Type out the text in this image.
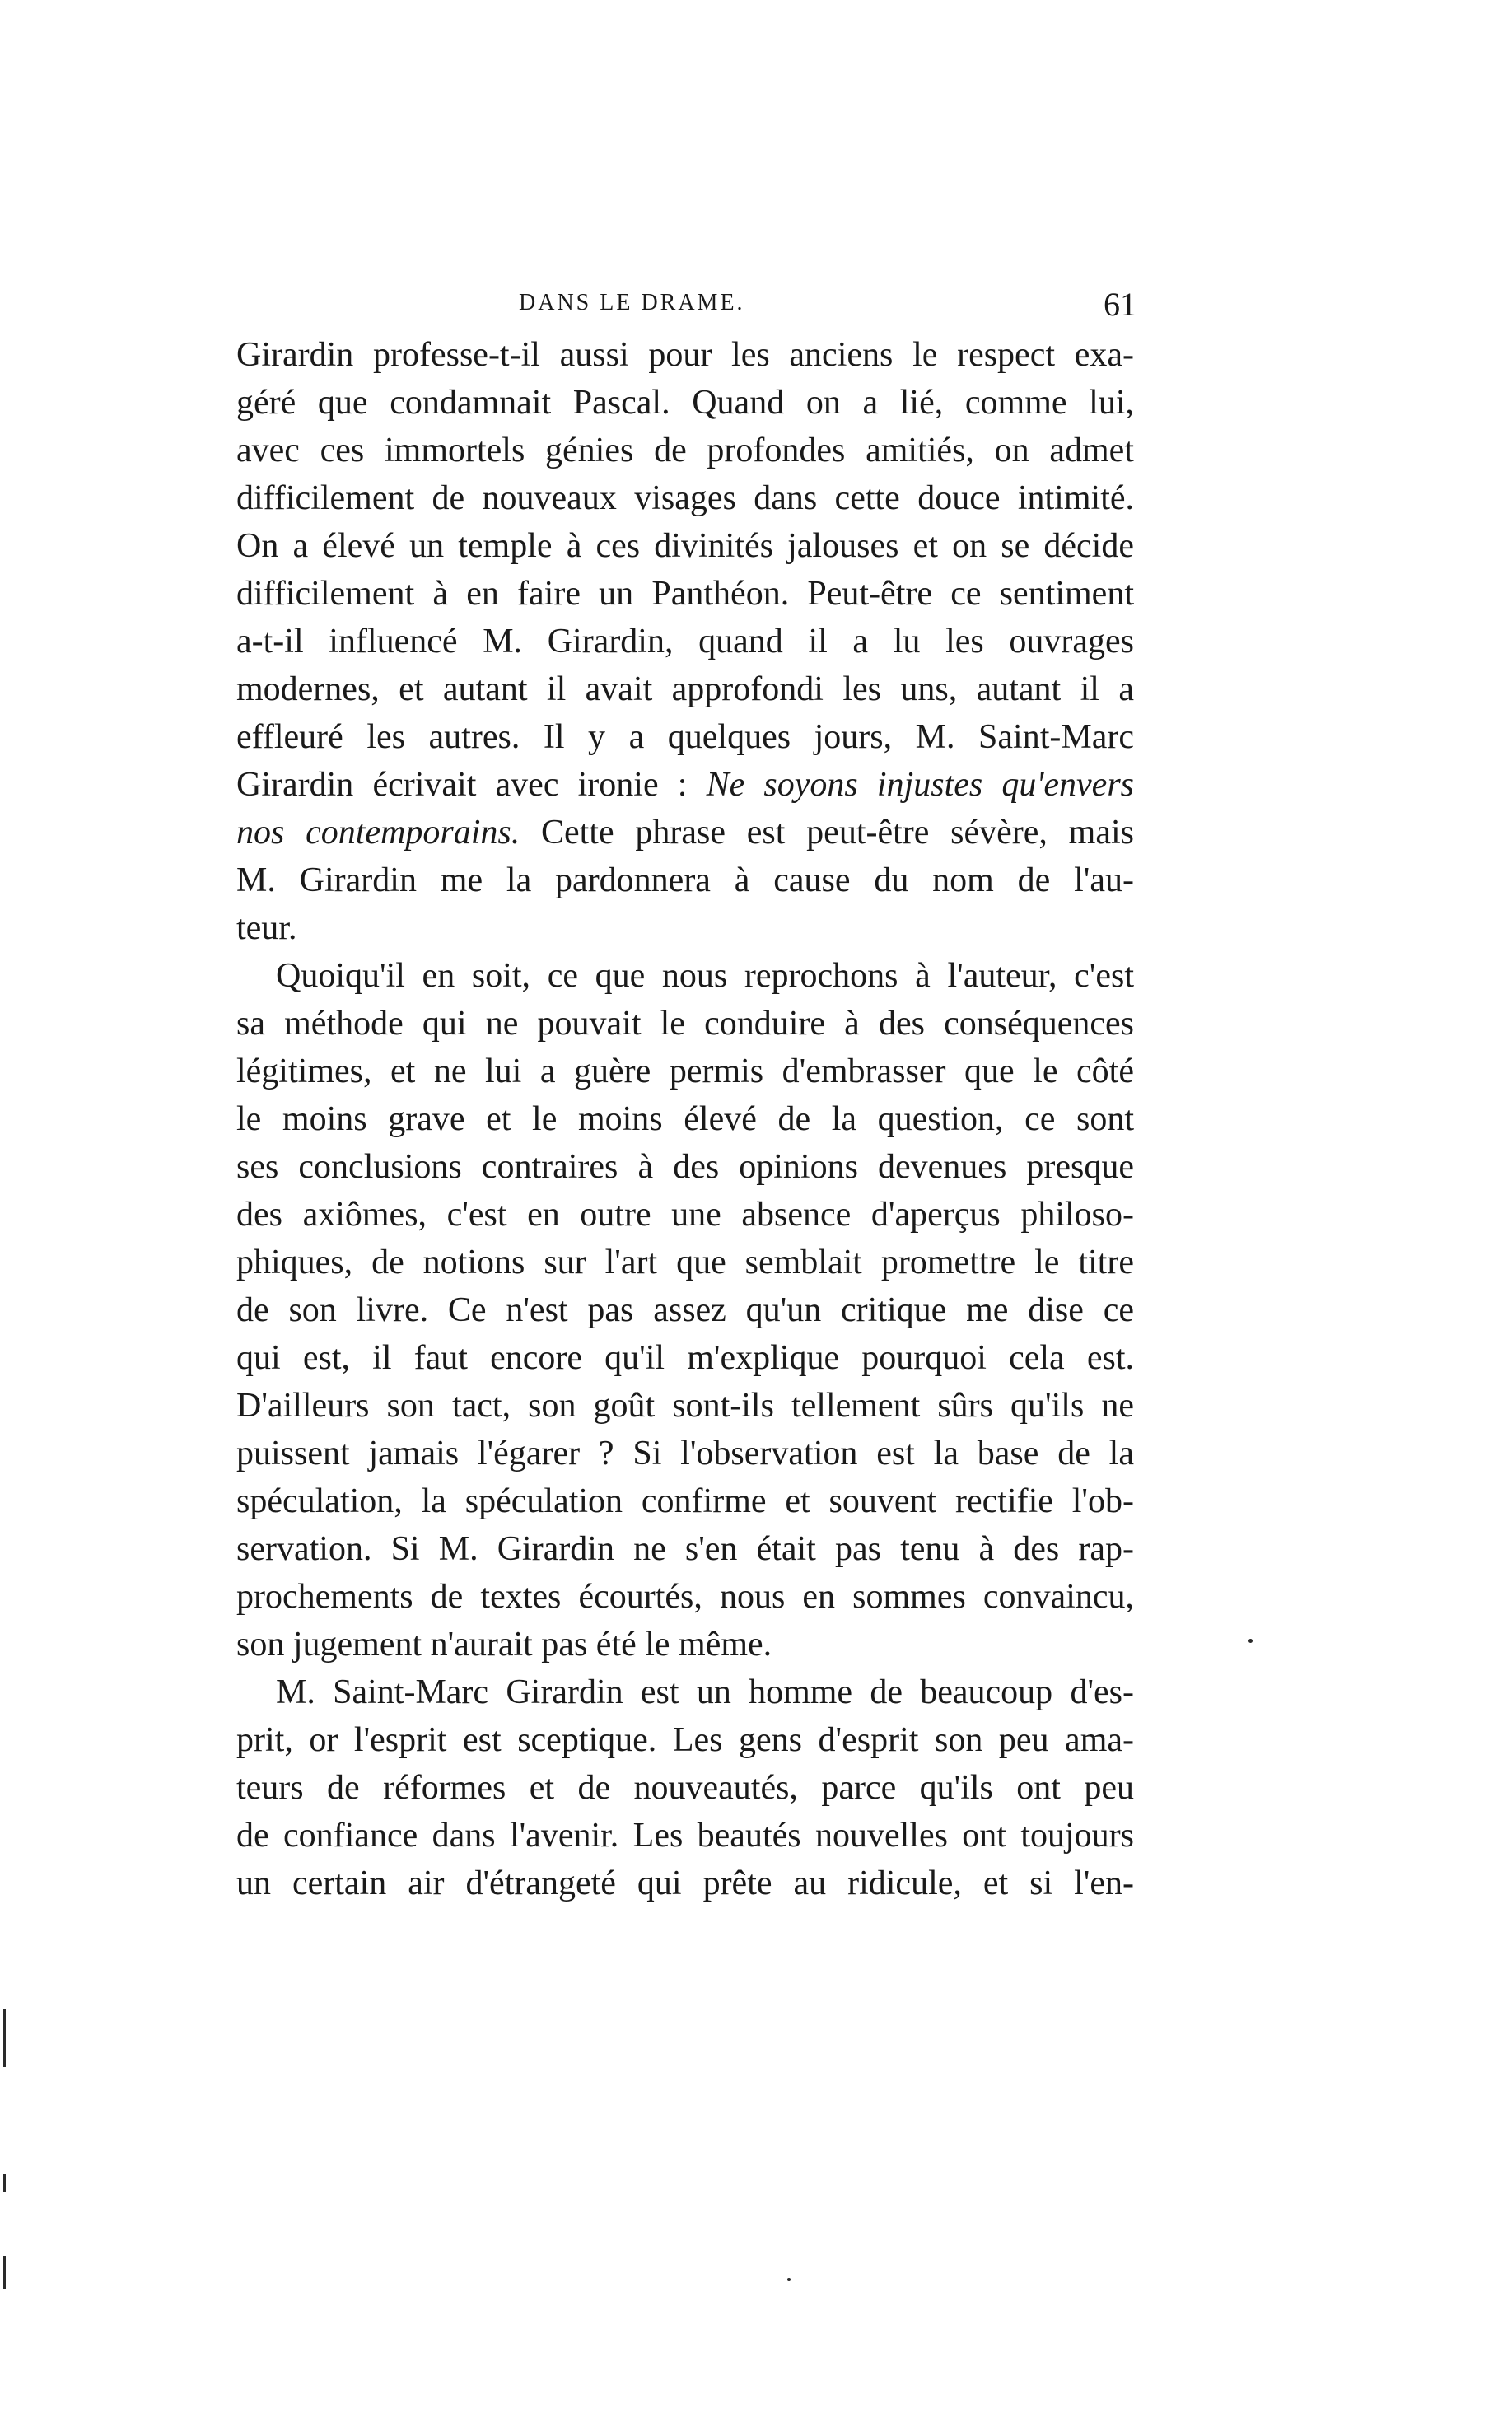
DANS LE DRAME.	61
Girardin professe-t-il aussi pour les anciens le respect exa-
géré que condamnait Pascal. Quand on a lié, comme lui,
avec ces immortels génies de profondes amitiés, on admet
difficilement de nouveaux visages dans cette douce intimité.
On a élevé un temple à ces divinités jalouses et on se décide
difficilement à en faire un Panthéon. Peut-être ce sentiment
a-t-il influencé M. Girardin, quand il a lu les ouvrages
modernes, et autant il avait approfondi les uns, autant il a
effleuré les autres. Il y a quelques jours, M. Saint-Marc
Girardin écrivait avec ironie : Ne soyons injustes qu'envers
nos contemporains. Cette phrase est peut-être sévère, mais
M. Girardin me la pardonnera à cause du nom de l'au-
teur.
Quoiqu'il en soit, ce que nous reprochons à l'auteur, c'est
sa méthode qui ne pouvait le conduire à des conséquences
légitimes, et ne lui a guère permis d'embrasser que le côté
le moins grave et le moins élevé de la question, ce sont
ses conclusions contraires à des opinions devenues presque
des axiômes, c'est en outre une absence d'aperçus philoso-
phiques, de notions sur l'art que semblait promettre le titre
de son livre. Ce n'est pas assez qu'un critique me dise ce
qui est, il faut encore qu'il m'explique pourquoi cela est.
D'ailleurs son tact, son goût sont-ils tellement sûrs qu'ils ne
puissent jamais l'égarer ? Si l'observation est la base de la
spéculation, la spéculation confirme et souvent rectifie l'ob-
servation. Si M. Girardin ne s'en était pas tenu à des rap-
prochements de textes écourtés, nous en sommes convaincu,
son jugement n'aurait pas été le même.
M. Saint-Marc Girardin est un homme de beaucoup d'es-
prit, or l'esprit est sceptique. Les gens d'esprit son peu ama-
teurs de réformes et de nouveautés, parce qu'ils ont peu
de confiance dans l'avenir. Les beautés nouvelles ont toujours
un certain air d'étrangeté qui prête au ridicule, et si l'en-
